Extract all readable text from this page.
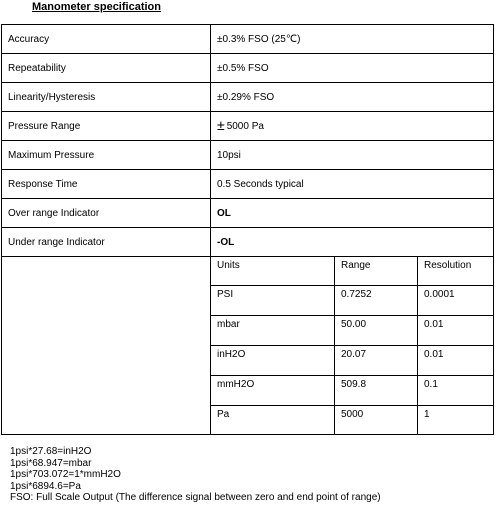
Manometer specification
Accuracy	±0.3% FSO (25℃)
Repeatability	±0.5% FSO
Linearity/Hysteresis	±0.29% FSO
Pressure Range	± 5000 Pa
Maximum Pressure	10psi
Response Time	0.5 Seconds typical
Over range Indicator	OL
Under range Indicator	-OL

Units	Range	Resolution
PSI	0.7252	0.0001
mbar	50.00	0.01
inH2O	20.07	0.01
mmH2O	509.8	0.1
Pa	5000	1
1psi*27.68=inH2O
1psi*68.947=mbar
1psi*703.072=1*mmH2O
1psi*6894.6=Pa
FSO: Full Scale Output (The difference signal between zero and end point of range)
